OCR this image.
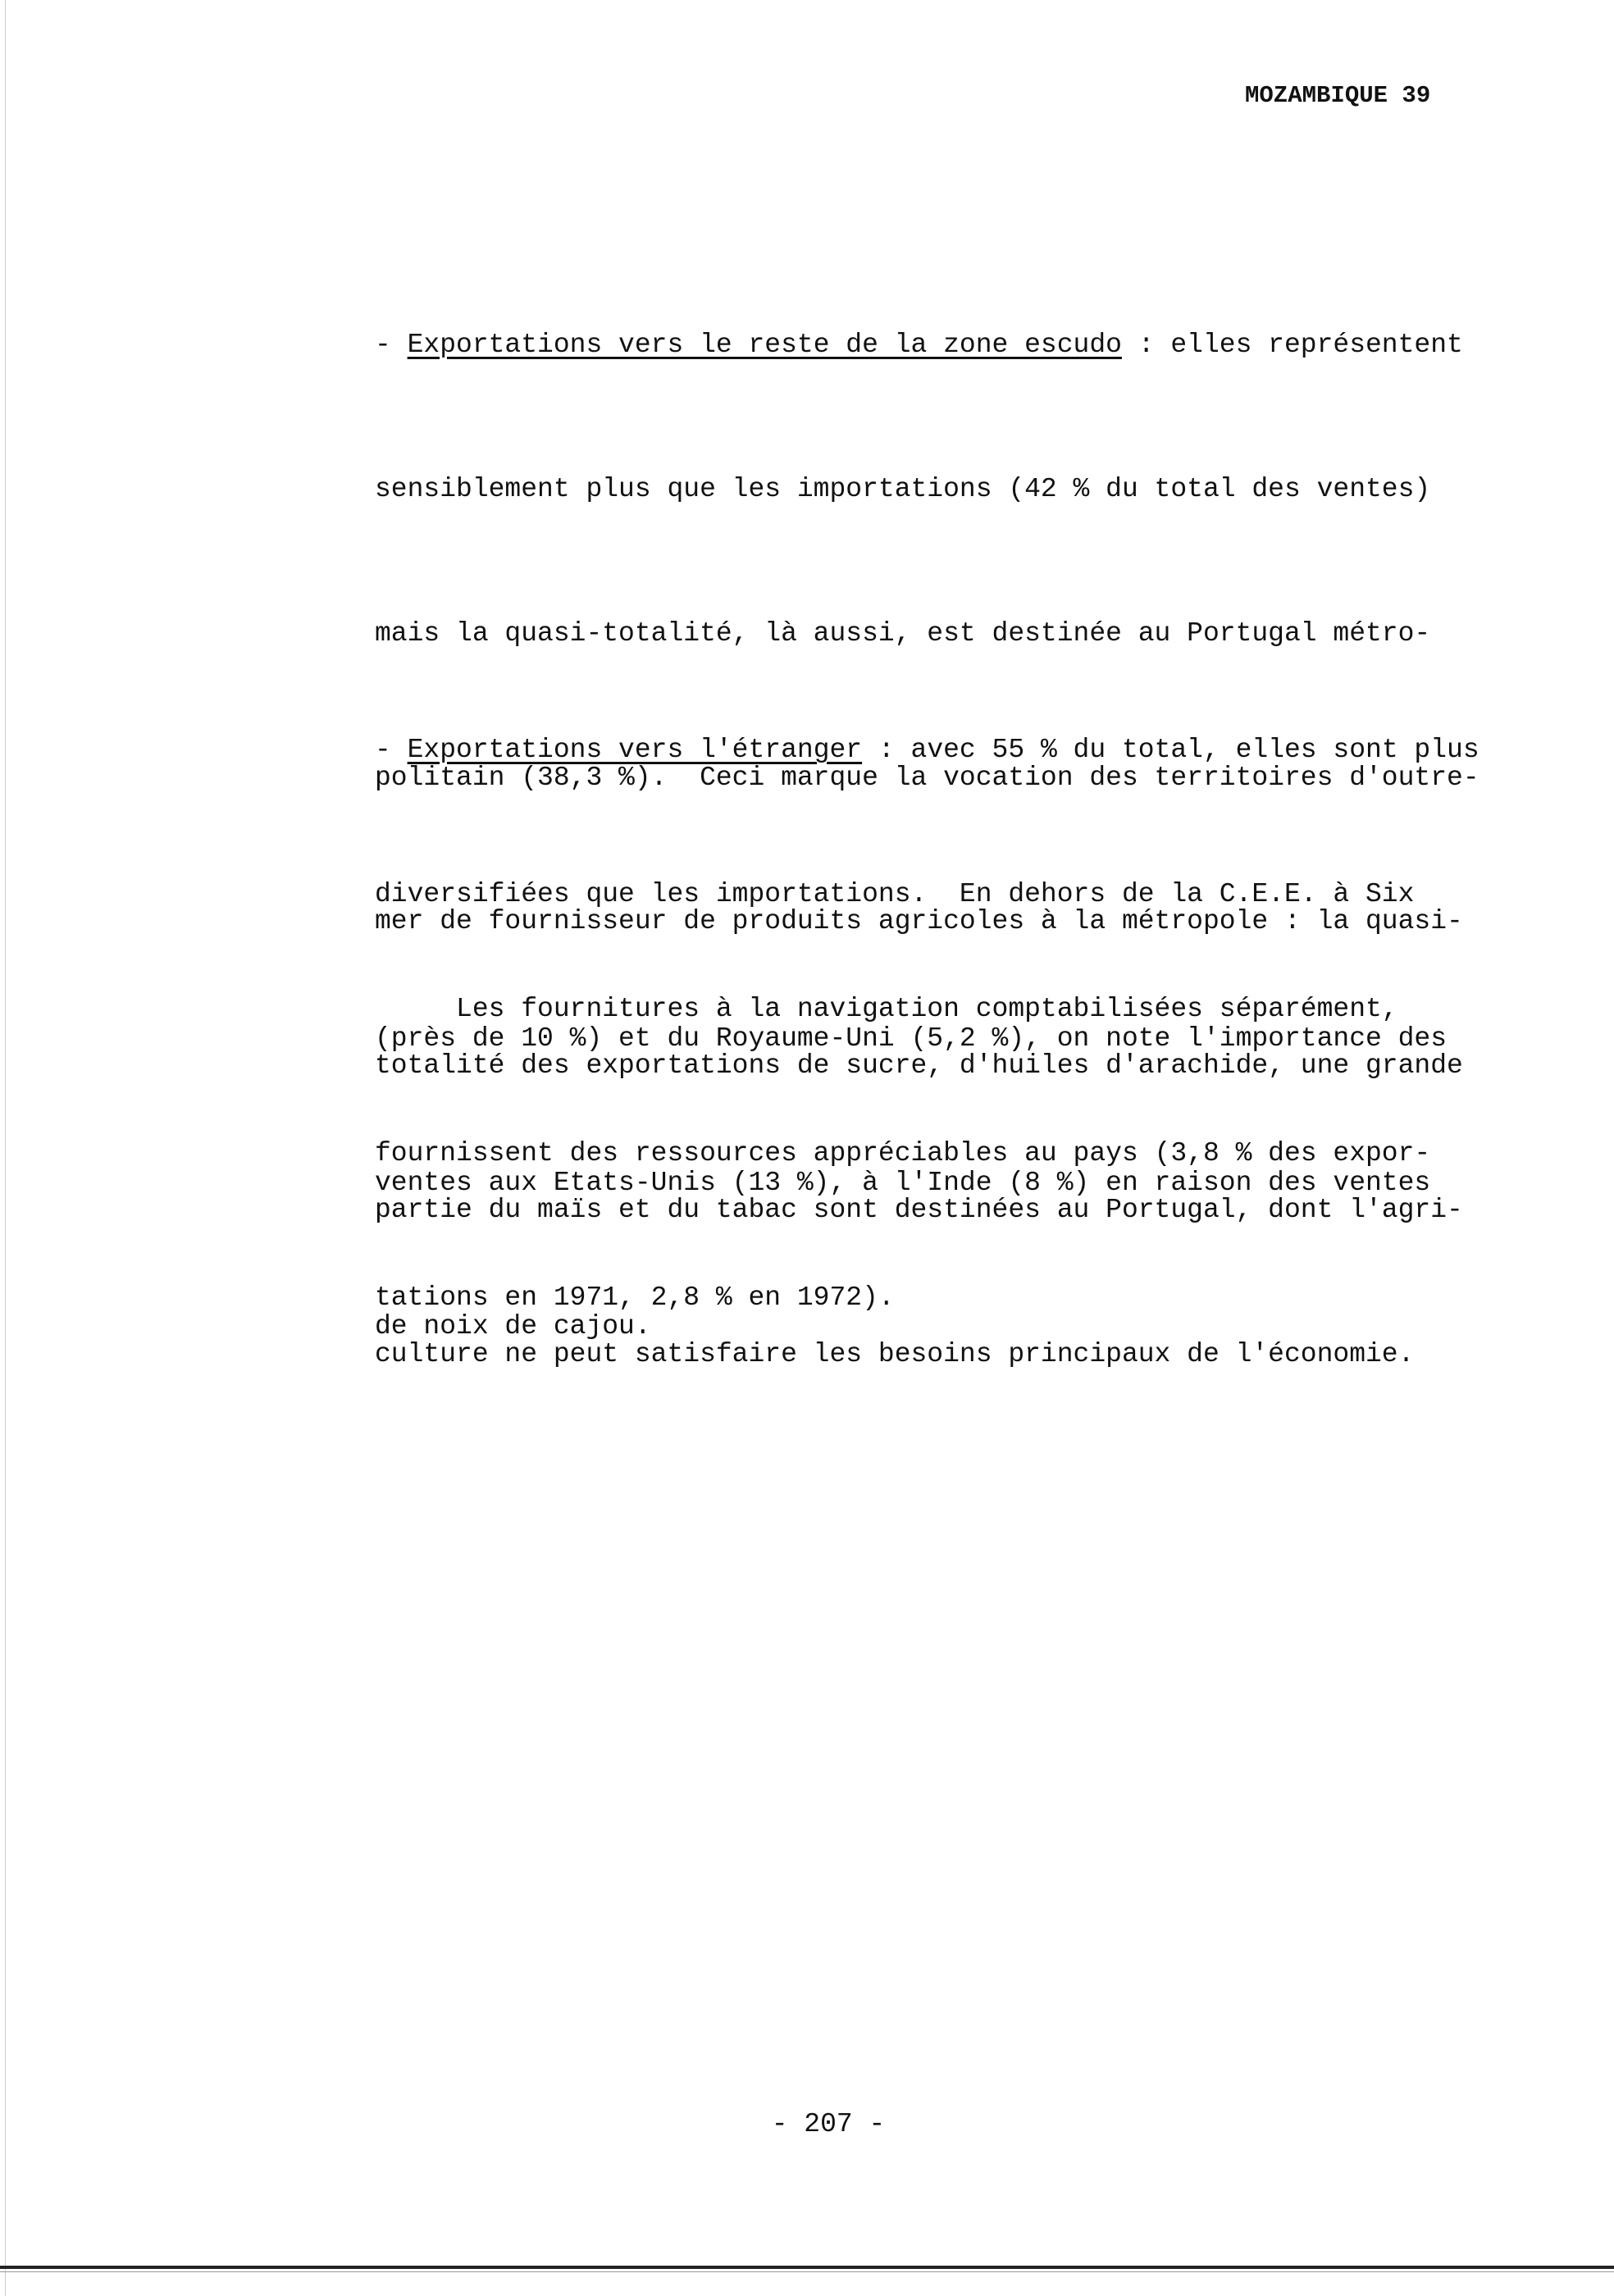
MOZAMBIQUE 39

- Exportations vers le reste de la zone escudo : elles représentent

sensiblement plus que les importations (42 % du total des ventes)

mais la quasi-totalité, là aussi, est destinée au Portugal métro-

politain (38,3 %).  Ceci marque la vocation des territoires d'outre-

mer de fournisseur de produits agricoles à la métropole : la quasi-

totalité des exportations de sucre, d'huiles d'arachide, une grande

partie du maïs et du tabac sont destinées au Portugal, dont l'agri-

culture ne peut satisfaire les besoins principaux de l'économie.

- Exportations vers l'étranger : avec 55 % du total, elles sont plus

diversifiées que les importations.  En dehors de la C.E.E. à Six

(près de 10 %) et du Royaume-Uni (5,2 %), on note l'importance des

ventes aux Etats-Unis (13 %), à l'Inde (8 %) en raison des ventes

de noix de cajou.

Les fournitures à la navigation comptabilisées séparément,

fournissent des ressources appréciables au pays (3,8 % des expor-

tations en 1971, 2,8 % en 1972).

- 207 -
